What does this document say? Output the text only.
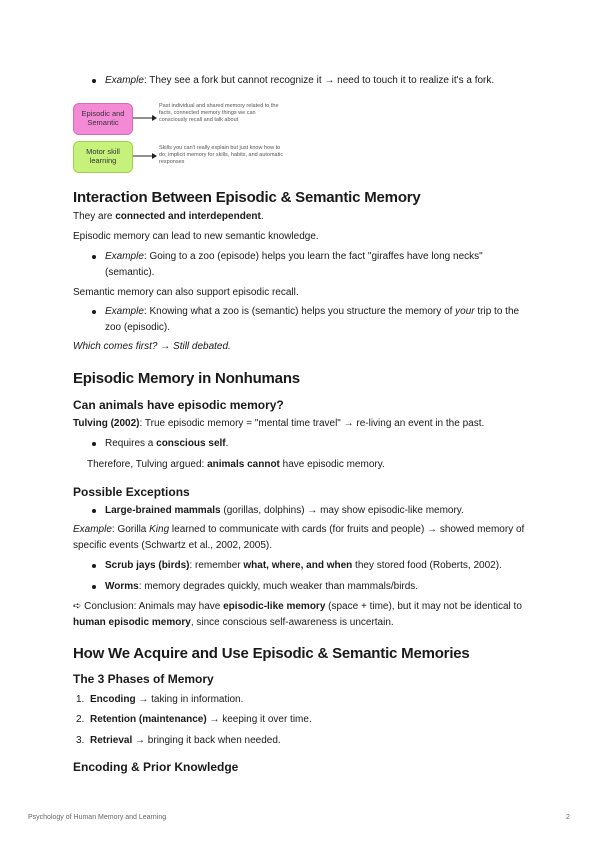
Example: They see a fork but cannot recognize it → need to touch it to realize it's a fork.
Episodic and Semantic
Past individual and shared memory related to the facts, connected memory things we can consciously recall and talk about
Motor skill learning
Skills you can't really explain but just know how to do; implicit memory for skills, habits, and automatic responses
Interaction Between Episodic & Semantic Memory

They are connected and interdependent.

Episodic memory can lead to new semantic knowledge.

Example: Going to a zoo (episode) helps you learn the fact "giraffes have long necks" (semantic).

Semantic memory can also support episodic recall.

Example: Knowing what a zoo is (semantic) helps you structure the memory of your trip to the zoo (episodic).

Which comes first? → Still debated.

Episodic Memory in Nonhumans
Can animals have episodic memory?

Tulving (2002): True episodic memory = "mental time travel" → re-living an event in the past.

Requires a conscious self.

Therefore, Tulving argued: animals cannot have episodic memory.

Possible Exceptions
Large-brained mammals (gorillas, dolphins) → may show episodic-like memory.

Example: Gorilla King learned to communicate with cards (for fruits and people) → showed memory of specific events (Schwartz et al., 2002, 2005).

Scrub jays (birds): remember what, where, and when they stored food (Roberts, 2002).
Worms: memory degrades quickly, much weaker than mammals/birds.

➪ Conclusion: Animals may have episodic-like memory (space + time), but it may not be identical to human episodic memory, since conscious self-awareness is uncertain.

How We Acquire and Use Episodic & Semantic Memories
The 3 Phases of Memory
1. Encoding → taking in information.
2. Retention (maintenance) → keeping it over time.
3. Retrieval → bringing it back when needed.
Encoding & Prior Knowledge
Psychology of Human Memory and Learning	2
